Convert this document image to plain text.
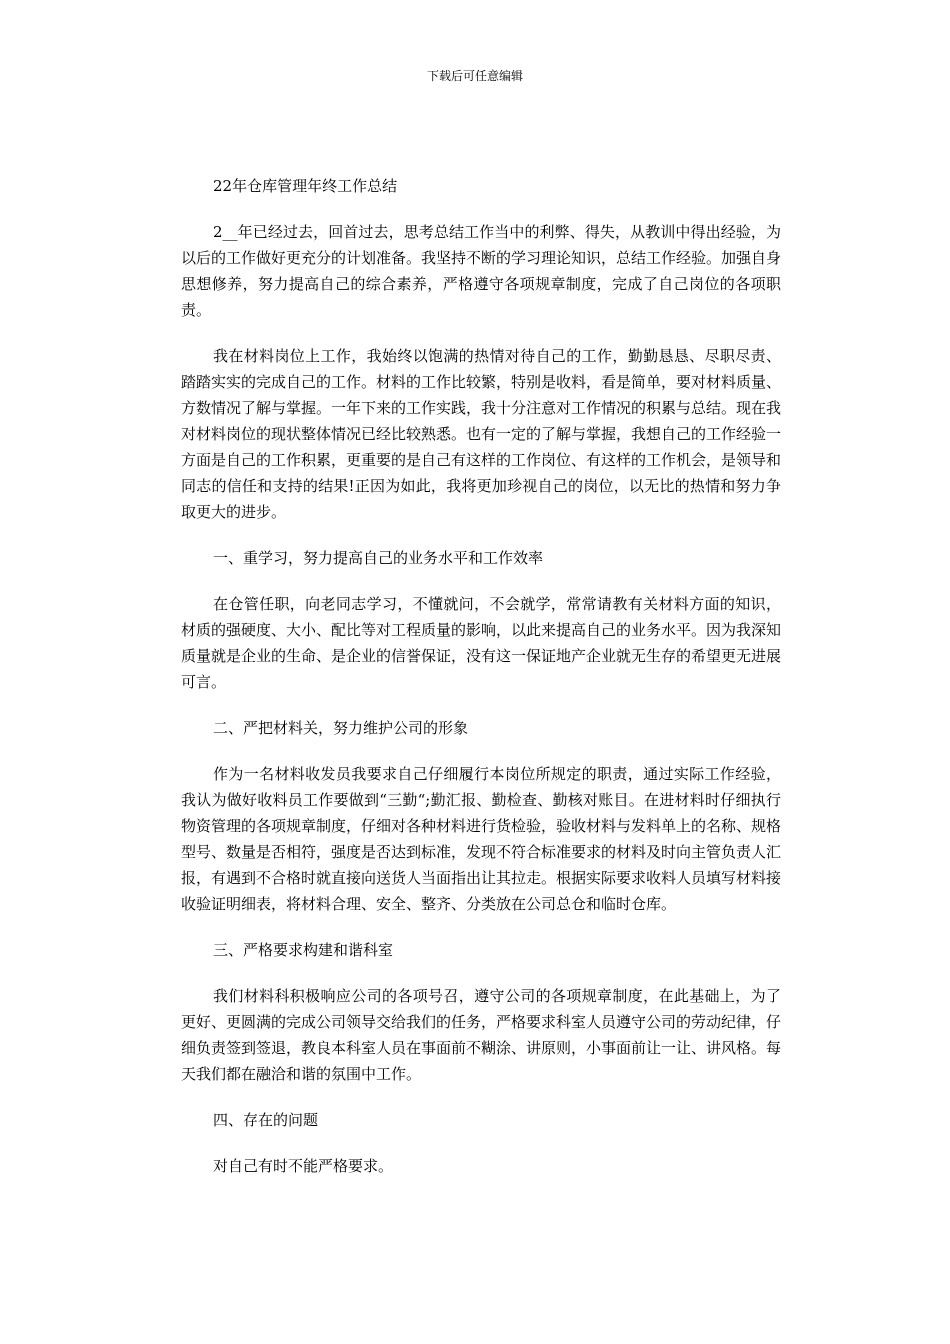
下载后可任意编辑
22年仓库管理年终工作总结

2__年已经过去，回首过去，思考总结工作当中的利弊、得失，从教训中得出经验，为以后的工作做好更充分的计划准备。我坚持不断的学习理论知识，总结工作经验。加强自身思想修养，努力提高自己的综合素养，严格遵守各项规章制度，完成了自己岗位的各项职责。

我在材料岗位上工作，我始终以饱满的热情对待自己的工作，勤勤恳恳、尽职尽责、踏踏实实的完成自己的工作。材料的工作比较繁，特别是收料，看是简单，要对材料质量、方数情况了解与掌握。一年下来的工作实践，我十分注意对工作情况的积累与总结。现在我对材料岗位的现状整体情况已经比较熟悉。也有一定的了解与掌握，我想自己的工作经验一方面是自己的工作积累，更重要的是自己有这样的工作岗位、有这样的工作机会，是领导和同志的信任和支持的结果!正因为如此，我将更加珍视自己的岗位，以无比的热情和努力争取更大的进步。

一、重学习，努力提高自己的业务水平和工作效率

在仓管任职，向老同志学习，不懂就问，不会就学，常常请教有关材料方面的知识，材质的强硬度、大小、配比等对工程质量的影响，以此来提高自己的业务水平。因为我深知质量就是企业的生命、是企业的信誉保证，没有这一保证地产企业就无生存的希望更无进展可言。

二、严把材料关，努力维护公司的形象

作为一名材料收发员我要求自己仔细履行本岗位所规定的职责，通过实际工作经验，我认为做好收料员工作要做到“三勤“;勤汇报、勤检查、勤核对账目。在进材料时仔细执行物资管理的各项规章制度，仔细对各种材料进行货检验，验收材料与发料单上的名称、规格型号、数量是否相符，强度是否达到标准，发现不符合标准要求的材料及时向主管负责人汇报，有遇到不合格时就直接向送货人当面指出让其拉走。根据实际要求收料人员填写材料接收验证明细表，将材料合理、安全、整齐、分类放在公司总仓和临时仓库。

三、严格要求构建和谐科室

我们材料科积极响应公司的各项号召，遵守公司的各项规章制度，在此基础上，为了更好、更圆满的完成公司领导交给我们的任务，严格要求科室人员遵守公司的劳动纪律，仔细负责签到签退，教良本科室人员在事面前不糊涂、讲原则，小事面前让一让、讲风格。每天我们都在融洽和谐的氛围中工作。

四、存在的问题

对自己有时不能严格要求。
